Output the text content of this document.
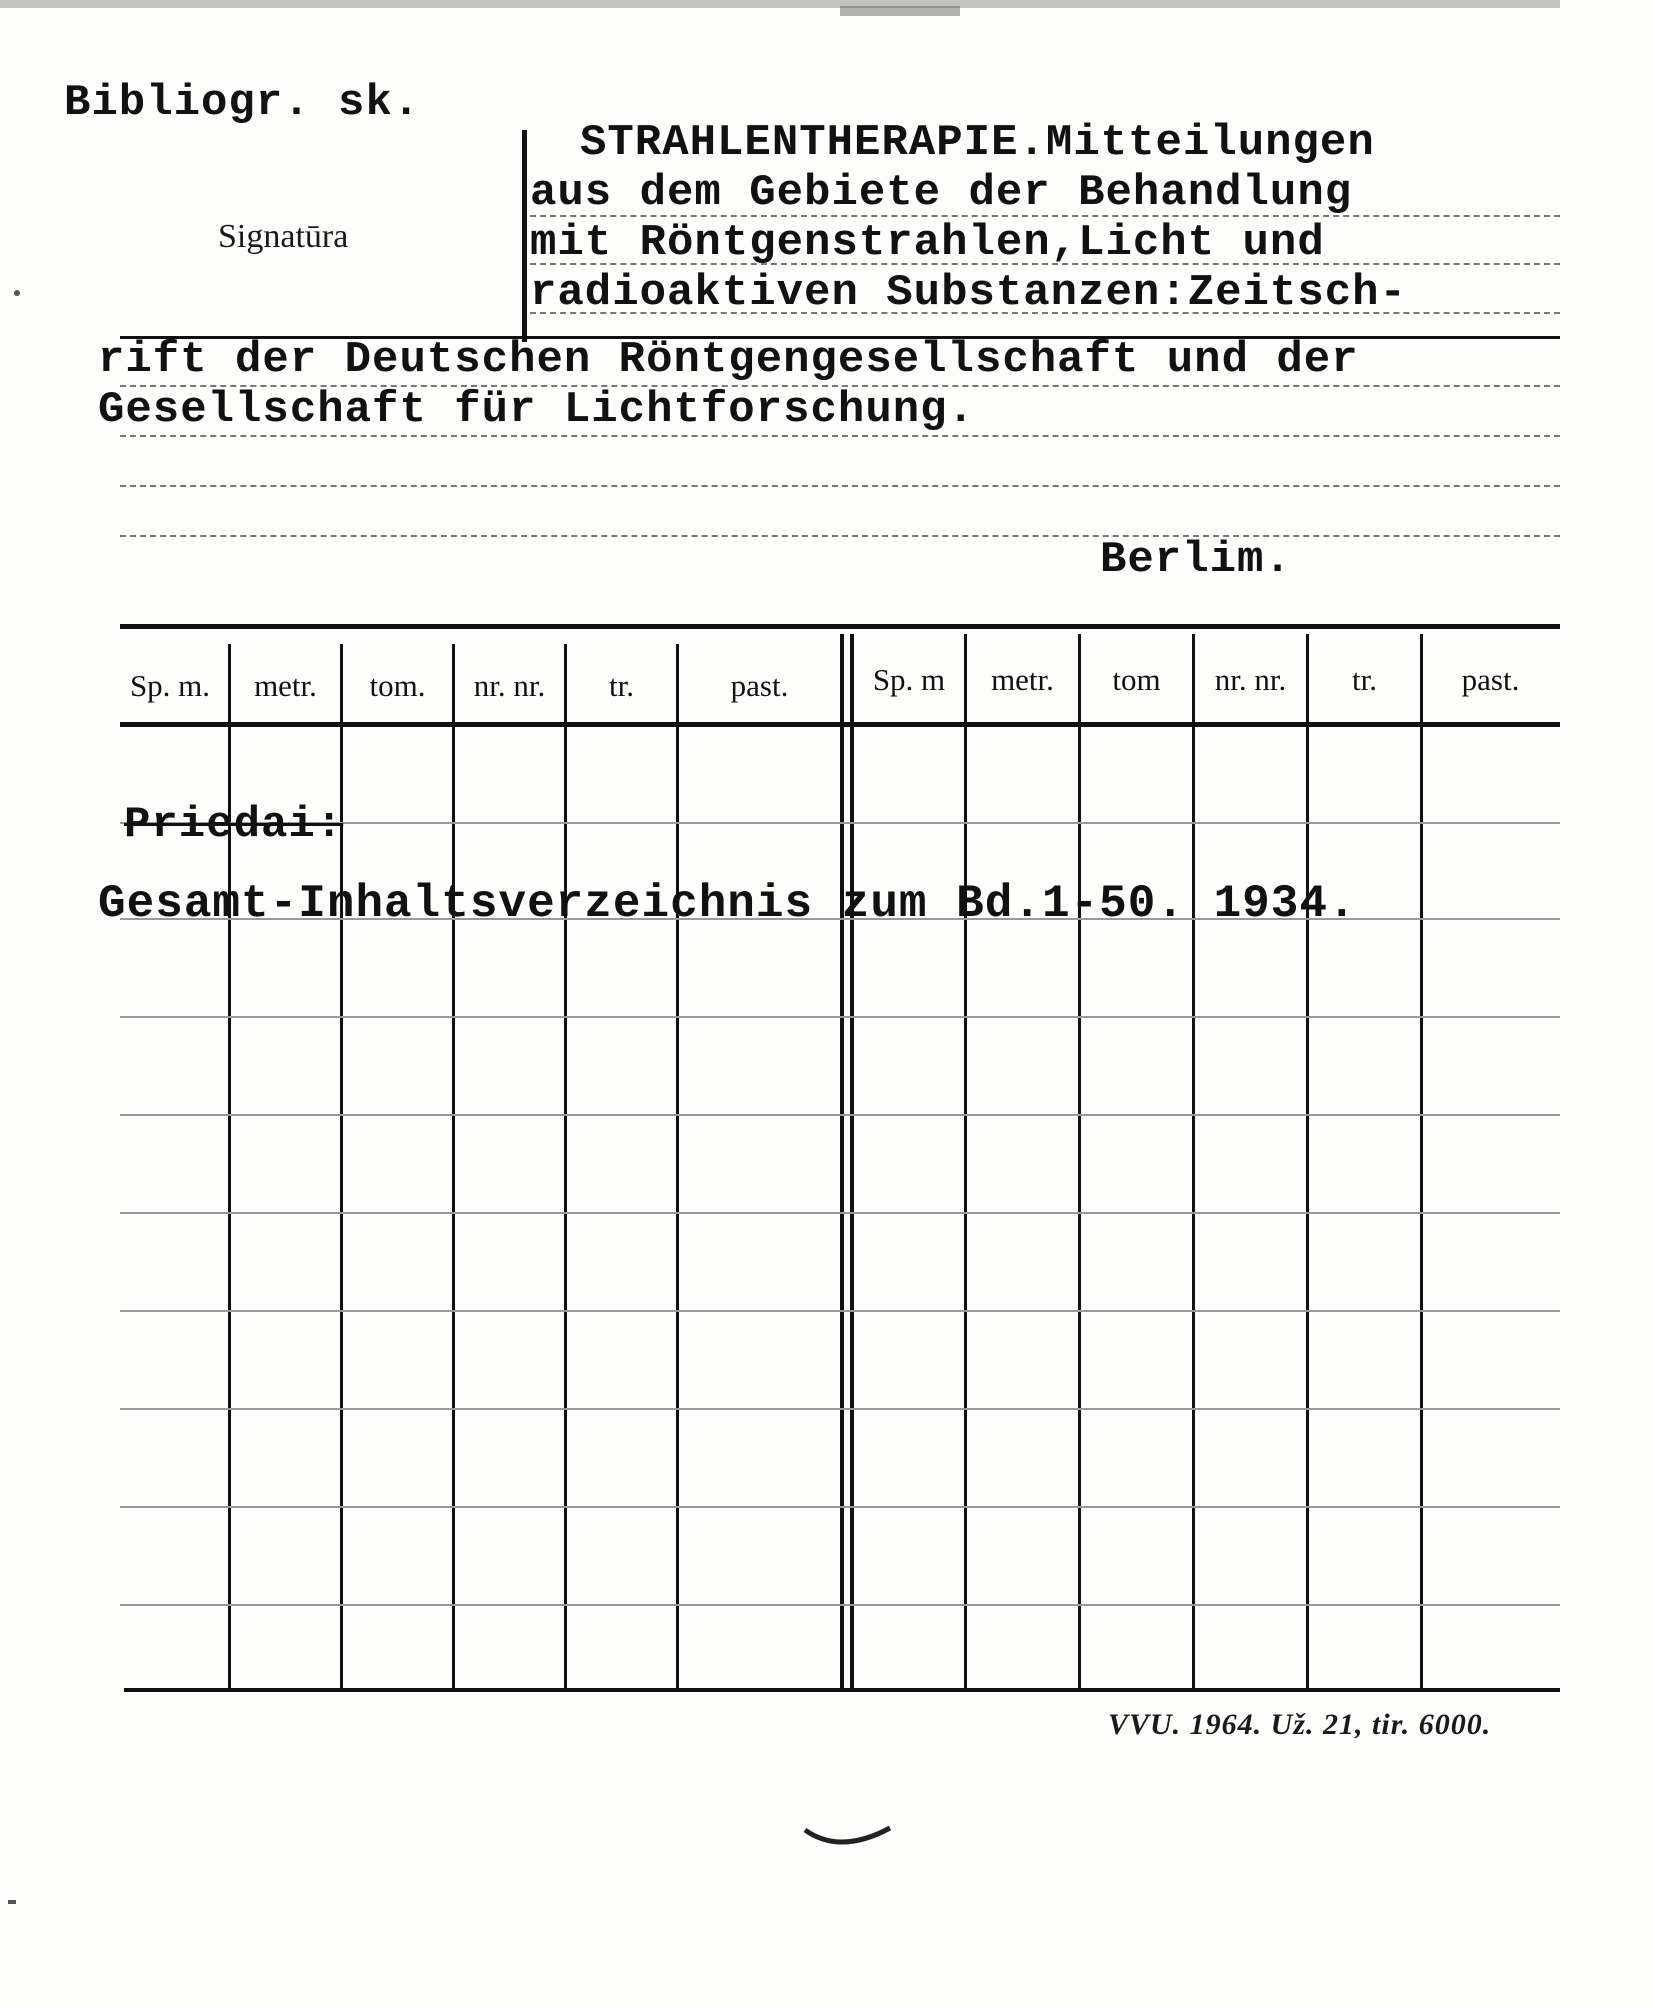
Bibliogr. sk.
Signatūra
STRAHLENTHERAPIE.Mitteilungen
aus dem Gebiete der Behandlung
mit Röntgenstrahlen,Licht und
radioaktiven Substanzen:Zeitsch-
rift der Deutschen Röntgengesellschaft und der
Gesellschaft für Lichtforschung.
Berlim.
Sp. m.	metr.	tom.	nr. nr.	tr.	past.	Sp. m	metr.	tom	nr. nr.	tr.	past.
Priedai:
Gesamt-Inhaltsverzeichnis zum Bd.1-50. 1934.
VVU. 1964. Už. 21, tir. 6000.
